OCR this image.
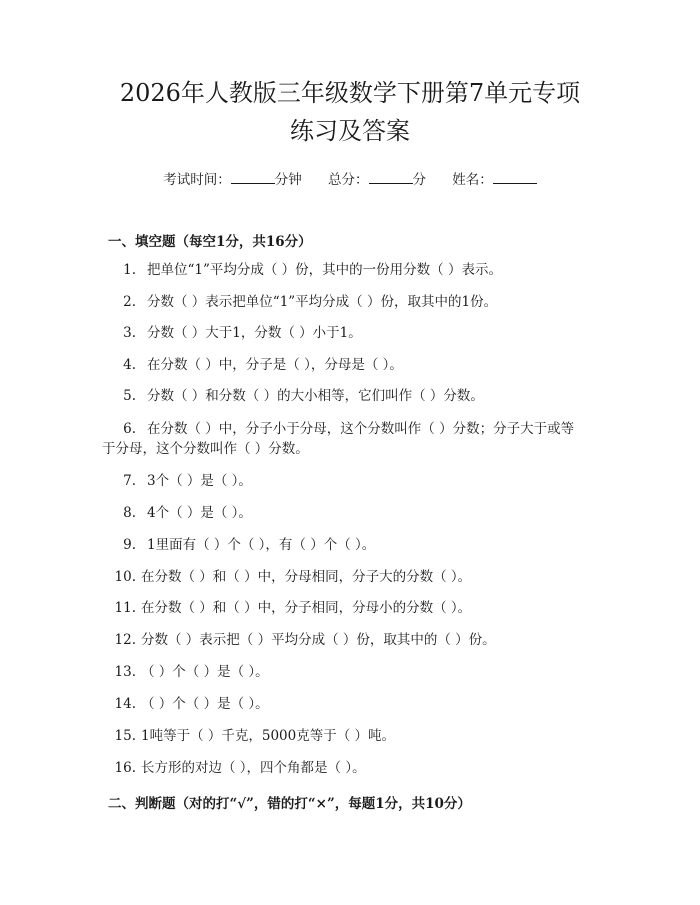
2026年人教版三年级数学下册第7单元专项
练习及答案
考试时间：	分钟 总分：	分 姓名：
一、填空题（每空1分，共16分）
1. 把单位“1”平均分成（ ）份，其中的一份用分数（ ）表示。
2. 分数（ ）表示把单位“1”平均分成（ ）份，取其中的1份。
3. 分数（ ）大于1，分数（ ）小于1。
4. 在分数（ ）中，分子是（ ），分母是（ ）。
5. 分数（ ）和分数（ ）的大小相等，它们叫作（ ）分数。
6. 在分数（ ）中，分子小于分母，这个分数叫作（ ）分数；分子大于或等
于分母，这个分数叫作（ ）分数。
7. 3个（ ）是（ ）。
8. 4个（ ）是（ ）。
9. 1里面有（ ）个（ ），有（ ）个（ ）。
10. 在分数（ ）和（ ）中，分母相同，分子大的分数（ ）。
11. 在分数（ ）和（ ）中，分子相同，分母小的分数（ ）。
12. 分数（ ）表示把（ ）平均分成（ ）份，取其中的（ ）份。
13. （ ）个（ ）是（ ）。
14. （ ）个（ ）是（ ）。
15. 1吨等于（ ）千克，5000克等于（ ）吨。
16. 长方形的对边（ ），四个角都是（ ）。
二、判断题（对的打“√”，错的打“×”，每题1分，共10分）
